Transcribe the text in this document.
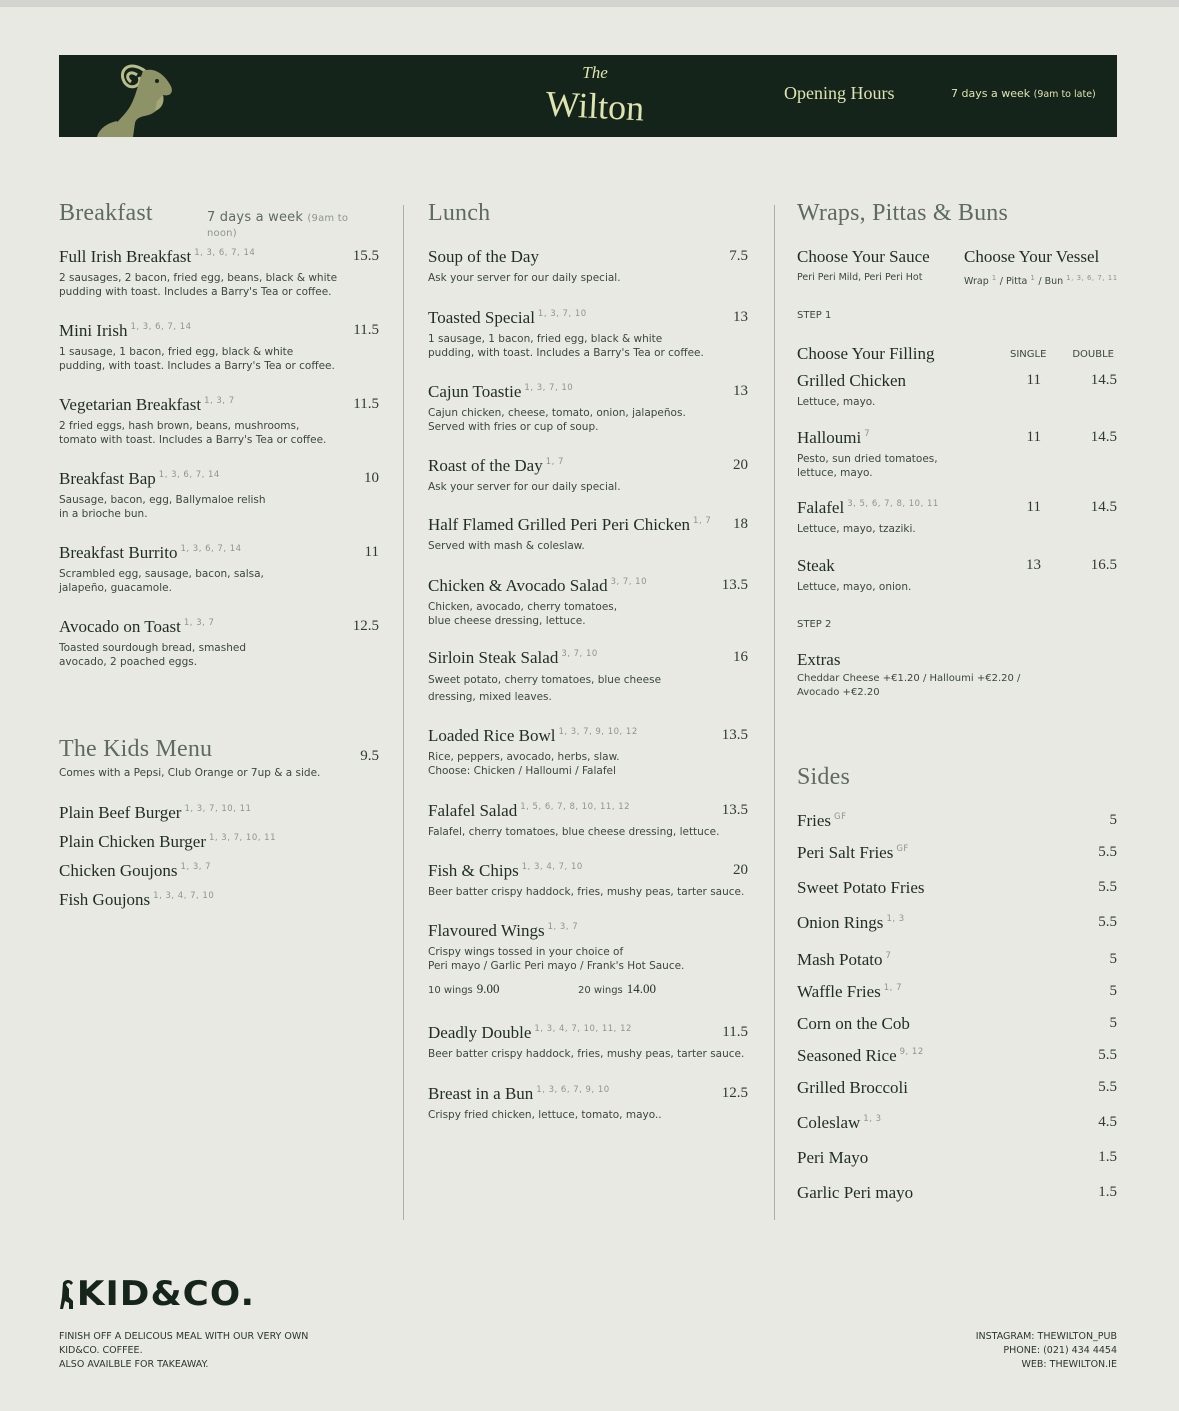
The
Wilton	Opening Hours	7 days a week (9am to late)
Breakfast	7 days a week (9am to noon)
Full Irish Breakfast $^{1, 3, 6, 7, 14}$	15.5
2 sausages, 2 bacon, fried egg, beans, black & white
pudding with toast. Includes a Barry's Tea or coffee.
Mini Irish $^{1, 3, 6, 7, 14}$	11.5
1 sausage, 1 bacon, fried egg, black & white
pudding, with toast. Includes a Barry's Tea or coffee.
Vegetarian Breakfast $^{1, 3, 7}$	11.5
2 fried eggs, hash brown, beans, mushrooms,
tomato with toast. Includes a Barry's Tea or coffee.
Breakfast Bap $^{1, 3, 6, 7, 14}$	10
Sausage, bacon, egg, Ballymaloe relish
in a brioche bun.
Breakfast Burrito $^{1, 3, 6, 7, 14}$	11
Scrambled egg, sausage, bacon, salsa,
jalapeño, guacamole.
Avocado on Toast $^{1, 3, 7}$	12.5
Toasted sourdough bread, smashed
avocado, 2 poached eggs.
The Kids Menu	9.5
Comes with a Pepsi, Club Orange or 7up & a side.
Plain Beef Burger $^{1, 3, 7, 10, 11}$
Plain Chicken Burger $^{1, 3, 7, 10, 11}$
Chicken Goujons $^{1, 3, 7}$
Fish Goujons $^{1, 3, 4, 7, 10}$
Lunch
Soup of the Day	7.5
Ask your server for our daily special.
Toasted Special $^{1, 3, 7, 10}$	13
1 sausage, 1 bacon, fried egg, black & white
pudding, with toast. Includes a Barry's Tea or coffee.
Cajun Toastie $^{1, 3, 7, 10}$	13
Cajun chicken, cheese, tomato, onion, jalapeños.
Served with fries or cup of soup.
Roast of the Day $^{1, 7}$	20
Ask your server for our daily special.
Half Flamed Grilled Peri Peri Chicken $^{1, 7}$	18
Served with mash & coleslaw.
Chicken & Avocado Salad $^{3, 7, 10}$	13.5
Chicken, avocado, cherry tomatoes,
blue cheese dressing, lettuce.
Sirloin Steak Salad $^{3, 7, 10}$	16
Sweet potato, cherry tomatoes, blue cheese
dressing, mixed leaves.
Loaded Rice Bowl $^{1, 3, 7, 9, 10, 12}$	13.5
Rice, peppers, avocado, herbs, slaw.
Choose: Chicken / Halloumi / Falafel
Falafel Salad $^{1, 5, 6, 7, 8, 10, 11, 12}$	13.5
Falafel, cherry tomatoes, blue cheese dressing, lettuce.
Fish & Chips $^{1, 3, 4, 7, 10}$	20
Beer batter crispy haddock, fries, mushy peas, tarter sauce.
Flavoured Wings $^{1, 3, 7}$
Crispy wings tossed in your choice of
Peri mayo / Garlic Peri mayo / Frank's Hot Sauce.
10 wings 9.00	20 wings 14.00
Deadly Double $^{1, 3, 4, 7, 10, 11, 12}$	11.5
Beer batter crispy haddock, fries, mushy peas, tarter sauce.
Breast in a Bun $^{1, 3, 6, 7, 9, 10}$	12.5
Crispy fried chicken, lettuce, tomato, mayo..
Wraps, Pittas & Buns
Choose Your Sauce
Peri Peri Mild, Peri Peri Hot
Choose Your Vessel
Wrap $^1$ / Pitta $^1$ / Bun $^{1, 3, 6, 7, 11}$
STEP 1
Choose Your Filling	SINGLE	DOUBLE
Grilled Chicken	11	14.5
Lettuce, mayo.
Halloumi $^7$	11	14.5
Pesto, sun dried tomatoes,
lettuce, mayo.
Falafel $^{3, 5, 6, 7, 8, 10, 11}$	11	14.5
Lettuce, mayo, tzaziki.
Steak	13	16.5
Lettuce, mayo, onion.
STEP 2
Extras
Cheddar Cheese +€1.20 / Halloumi +€2.20 /
Avocado +€2.20
Sides
Fries $^{GF}$	5
Peri Salt Fries $^{GF}$	5.5
Sweet Potato Fries	5.5
Onion Rings $^{1, 3}$	5.5
Mash Potato $^7$	5
Waffle Fries $^{1, 7}$	5
Corn on the Cob	5
Seasoned Rice $^{9, 12}$	5.5
Grilled Broccoli	5.5
Coleslaw $^{1, 3}$	4.5
Peri Mayo	1.5
Garlic Peri mayo	1.5
KID&CO.
FINISH OFF A DELICOUS MEAL WITH OUR VERY OWN
KID&CO. COFFEE.
ALSO AVAILBLE FOR TAKEAWAY.
INSTAGRAM: THEWILTON_PUB
PHONE: (021) 434 4454
WEB: THEWILTON.IE
